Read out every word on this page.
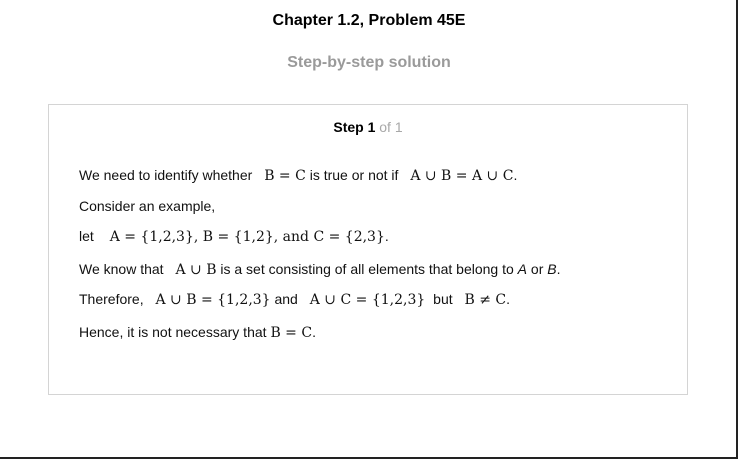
Chapter 1.2, Problem 45E
Step-by-step solution
Step 1 of 1
We need to identify whether B = C is true or not if A ∪ B = A ∪ C.
Consider an example,
let A = {1,2,3}, B = {1,2}, and C = {2,3}.
We know that A ∪ B is a set consisting of all elements that belong to A or B.
Therefore, A ∪ B = {1,2,3} and A ∪ C = {1,2,3} but B ≠ C.
Hence, it is not necessary that B = C.
